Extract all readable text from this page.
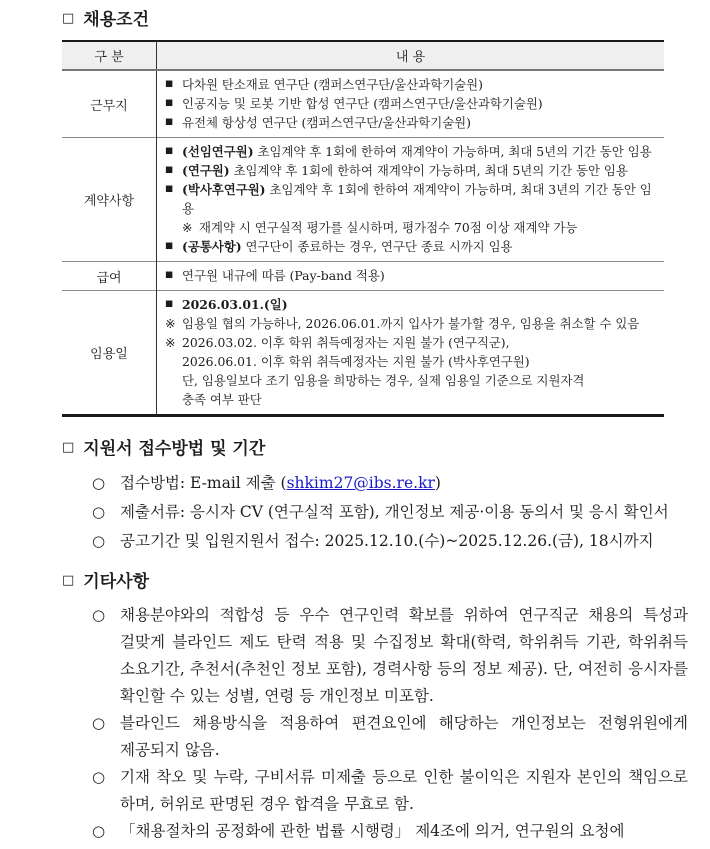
□ 채용조건
구 분	내 용
근무지	
■ 다차원 탄소재료 연구단 (캠퍼스연구단/울산과학기술원)
■ 인공지능 및 로봇 기반 합성 연구단 (캠퍼스연구단/울산과학기술원)
■ 유전체 항상성 연구단 (캠퍼스연구단/울산과학기술원)

계약사항	
■ (선임연구원) 초임계약 후 1회에 한하여 재계약이 가능하며, 최대 5년의 기간 동안 임용
■ (연구원) 초임계약 후 1회에 한하여 재계약이 가능하며, 최대 5년의 기간 동안 임용
■ (박사후연구원) 초임계약 후 1회에 한하여 재계약이 가능하며, 최대 3년의 기간 동안 임용
※ 재계약 시 연구실적 평가를 실시하며, 평가점수 70점 이상 재계약 가능
■ (공통사항) 연구단이 종료하는 경우, 연구단 종료 시까지 임용

급여	■ 연구원 내규에 따름 (Pay-band 적용)

임용일	
■ 2026.03.01.(일)
※ 임용일 협의 가능하나, 2026.06.01.까지 입사가 불가할 경우, 임용을 취소할 수 있음
※ 2026.03.02. 이후 학위 취득예정자는 지원 불가 (연구직군),
2026.06.01. 이후 학위 취득예정자는 지원 불가 (박사후연구원)
단, 임용일보다 조기 임용을 희망하는 경우, 실제 임용일 기준으로 지원자격
충족 여부 판단
□ 지원서 접수방법 및 기간
○ 접수방법: E-mail 제출 (shkim27@ibs.re.kr)
○ 제출서류: 응시자 CV (연구실적 포함), 개인정보 제공·이용 동의서 및 응시 확인서
○ 공고기간 및 입원지원서 접수: 2025.12.10.(수)~2025.12.26.(금), 18시까지
□ 기타사항
○ 채용분야와의 적합성 등 우수 연구인력 확보를 위하여 연구직군 채용의 특성과 걸맞게 블라인드 제도 탄력 적용 및 수집정보 확대(학력, 학위취득 기관, 학위취득 소요기간, 추천서(추천인 정보 포함), 경력사항 등의 정보 제공). 단, 여전히 응시자를 확인할 수 있는 성별, 연령 등 개인정보 미포함.
○ 블라인드 채용방식을 적용하여 편견요인에 해당하는 개인정보는 전형위원에게 제공되지 않음.
○ 기재 착오 및 누락, 구비서류 미제출 등으로 인한 불이익은 지원자 본인의 책임으로 하며, 허위로 판명된 경우 합격을 무효로 함.
○ 「채용절차의 공정화에 관한 법률 시행령」 제4조에 의거, 연구원의 요청에
